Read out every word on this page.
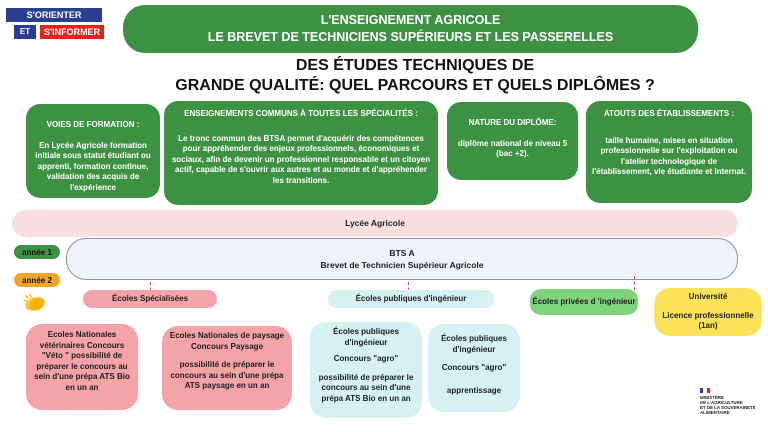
S'ORIENTER
ET	S'INFORMER
L'ENSEIGNEMENT AGRICOLE
LE BREVET DE TECHNICIENS SUPÉRIEURS ET LES PASSERELLES
DES ÉTUDES TECHNIQUES DE
GRANDE QUALITÉ: QUEL PARCOURS ET QUELS DIPLÔMES ?
VOIES DE FORMATION :
En Lycée Agricole formation initiale sous statut étudiant ou apprenti, formation continue, validation des acquis de l'expérience
ENSEIGNEMENTS COMMUNS À TOUTES LES SPÉCIALITÉS :
Le tronc commun des BTSA permet d'acquérir des compétences pour appréhender des enjeux professionnels, économiques et sociaux, afin de devenir un professionnel responsable et un citoyen actif, capable de s'ouvrir aux autres et au monde et d'appréhender les transitions.
NATURE DU DIPLÔME:
diplôme national de niveau 5 (bac +2).
ATOUTS DES ÉTABLISSEMENTS :
taille humaine, mises en situation professionnelle sur l'exploitation ou l'atelier technologique de l'établissement, vie étudiante et internat.
Lycée Agricole
année 1	BTS A
Brevet de Technicien Supérieur Agricole
année 2
Écoles Spécialisées	Écoles publiques d'ingénieur	Écoles privées d 'ingénieur
Université
Licence professionnelle (1an)
Ecoles Nationales vétérinaires Concours "Véto " possibilité de préparer le concours au sein d'une prépa ATS Bio en un an
Ecoles Nationales de paysage Concours Paysage
possibilité de préparer le concours au sein d'une prépa ATS paysage en un an
Écoles publiques d'ingénieur
Concours "agro"
possibilité de préparer le concours au sein d'une prépa ATS Bio en un an
Écoles publiques d'ingénieur
Concours "agro"
apprentissage
MINISTÈRE
DE L'AGRICULTURE
ET DE LA SOUVERAINETÉ
ALIMENTAIRE
